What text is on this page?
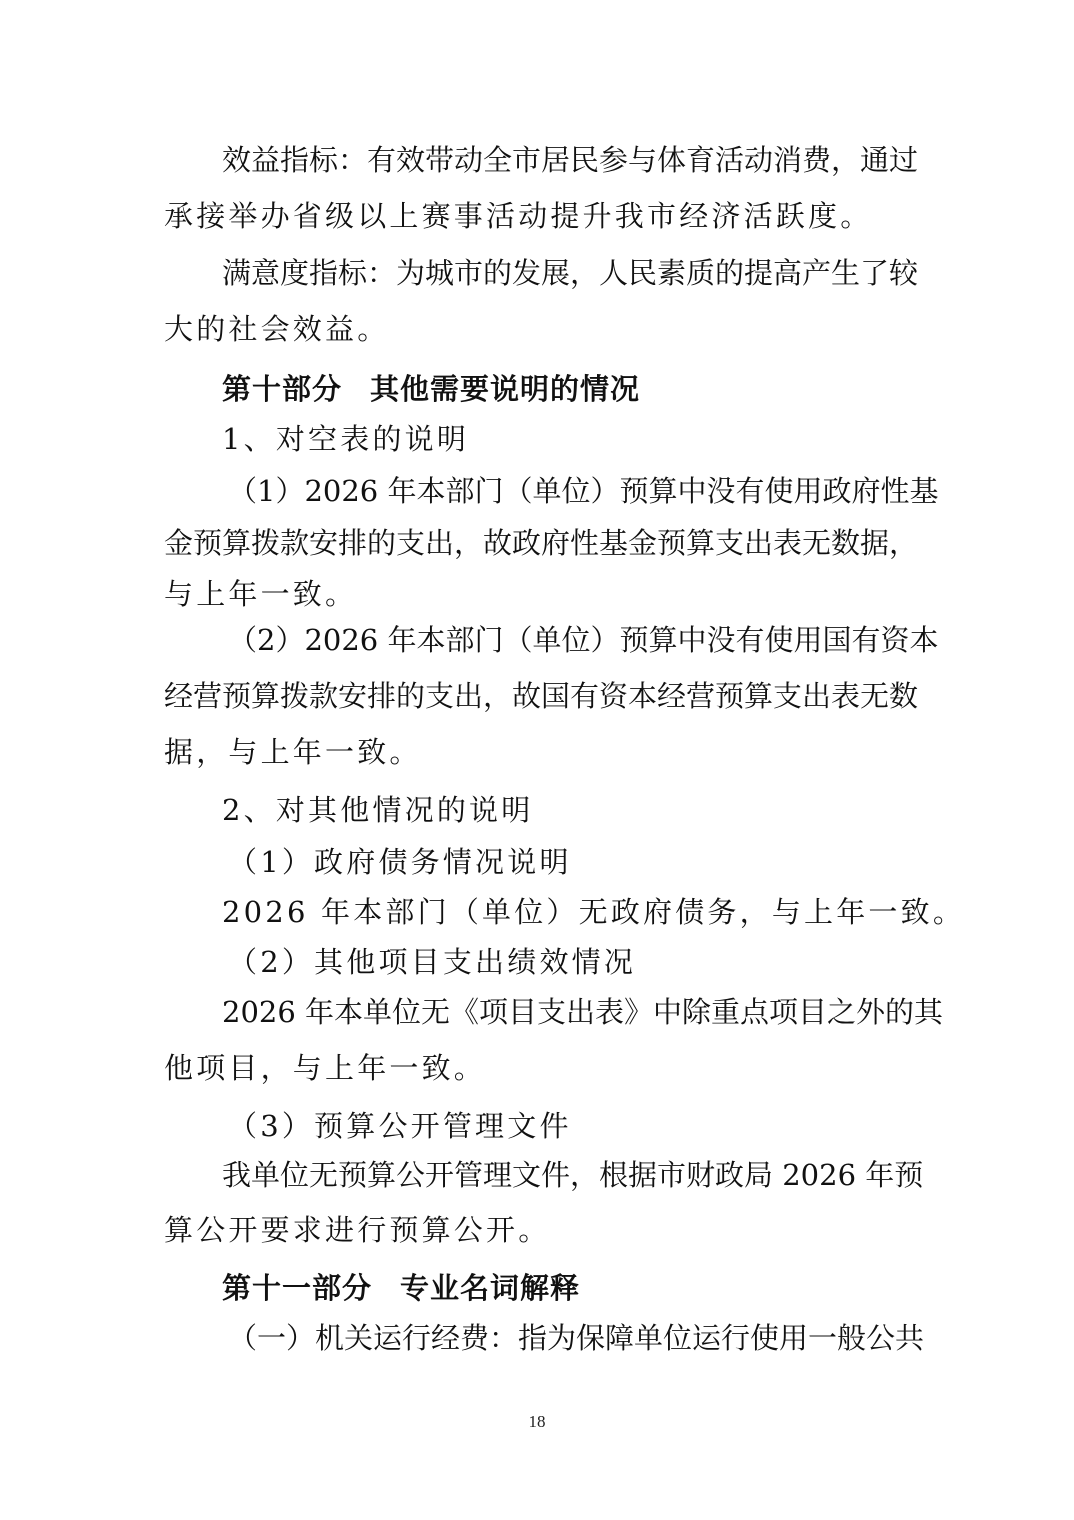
效益指标：有效带动全市居民参与体育活动消费，通过
承接举办省级以上赛事活动提升我市经济活跃度。
满意度指标：为城市的发展，人民素质的提高产生了较
大的社会效益。
第十部分 其他需要说明的情况
1、对空表的说明
（1）2026 年本部门（单位）预算中没有使用政府性基
金预算拨款安排的支出，故政府性基金预算支出表无数据，
与上年一致。
（2）2026 年本部门（单位）预算中没有使用国有资本
经营预算拨款安排的支出，故国有资本经营预算支出表无数
据，与上年一致。
2、对其他情况的说明
（1）政府债务情况说明
2026 年本部门（单位）无政府债务，与上年一致。
（2）其他项目支出绩效情况
2026 年本单位无《项目支出表》中除重点项目之外的其
他项目，与上年一致。
（3）预算公开管理文件
我单位无预算公开管理文件，根据市财政局 2026 年预
算公开要求进行预算公开。
第十一部分 专业名词解释
（一）机关运行经费：指为保障单位运行使用一般公共
18
